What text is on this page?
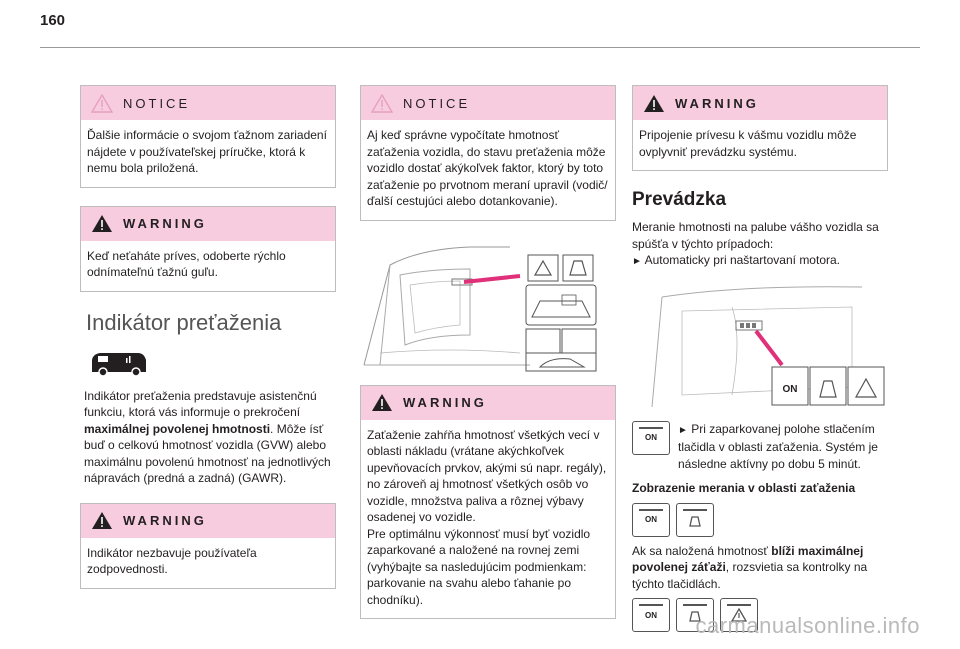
160
NOTICE
Ďalšie informácie o svojom ťažnom zariadení nájdete v používateľskej príručke, ktorá k nemu bola priložená.
WARNING
Keď neťaháte príves, odoberte rýchlo odnímateľnú ťažnú guľu.
Indikátor preťaženia

Indikátor preťaženia predstavuje asistenčnú funkciu, ktorá vás informuje o prekročení maximálnej povolenej hmotnosti. Môže ísť buď o celkovú hmotnosť vozidla (GVW) alebo maximálnu povolenú hmotnosť na jednotlivých nápravách (predná a zadná) (GAWR).

WARNING
Indikátor nezbavuje používateľa zodpovednosti.
NOTICE
Aj keď správne vypočítate hmotnosť zaťaženia vozidla, do stavu preťaženia môže vozidlo dostať akýkoľvek faktor, ktorý by toto zaťaženie po prvotnom meraní upravil (vodič/ďalší cestujúci alebo dotankovanie).
WARNING
Zaťaženie zahŕňa hmotnosť všetkých vecí v oblasti nákladu (vrátane akýchkoľvek upevňovacích prvkov, akými sú napr. regály), no zároveň aj hmotnosť všetkých osôb vo vozidle, množstva paliva a rôznej výbavy osadenej vo vozidle.
Pre optimálnu výkonnosť musí byť vozidlo zaparkované a naložené na rovnej zemi (vyhýbajte sa nasledujúcim podmienkam: parkovanie na svahu alebo ťahanie po chodníku).
WARNING
Pripojenie prívesu k vášmu vozidlu môže ovplyvniť prevádzku systému.
Prevádzka

Meranie hmotnosti na palube vášho vozidla sa spúšťa v týchto prípadoch:

► Automaticky pri naštartovaní motora.

ON
ON

► Pri zaparkovanej polohe stlačením tlačidla v oblasti zaťaženia. Systém je následne aktívny po dobu 5 minút.

Zobrazenie merania v oblasti zaťaženia

ON

Ak sa naložená hmotnosť blíži maximálnej povolenej záťaži, rozsvietia sa kontrolky na týchto tlačidlách.

ON carmanualsonline.info
